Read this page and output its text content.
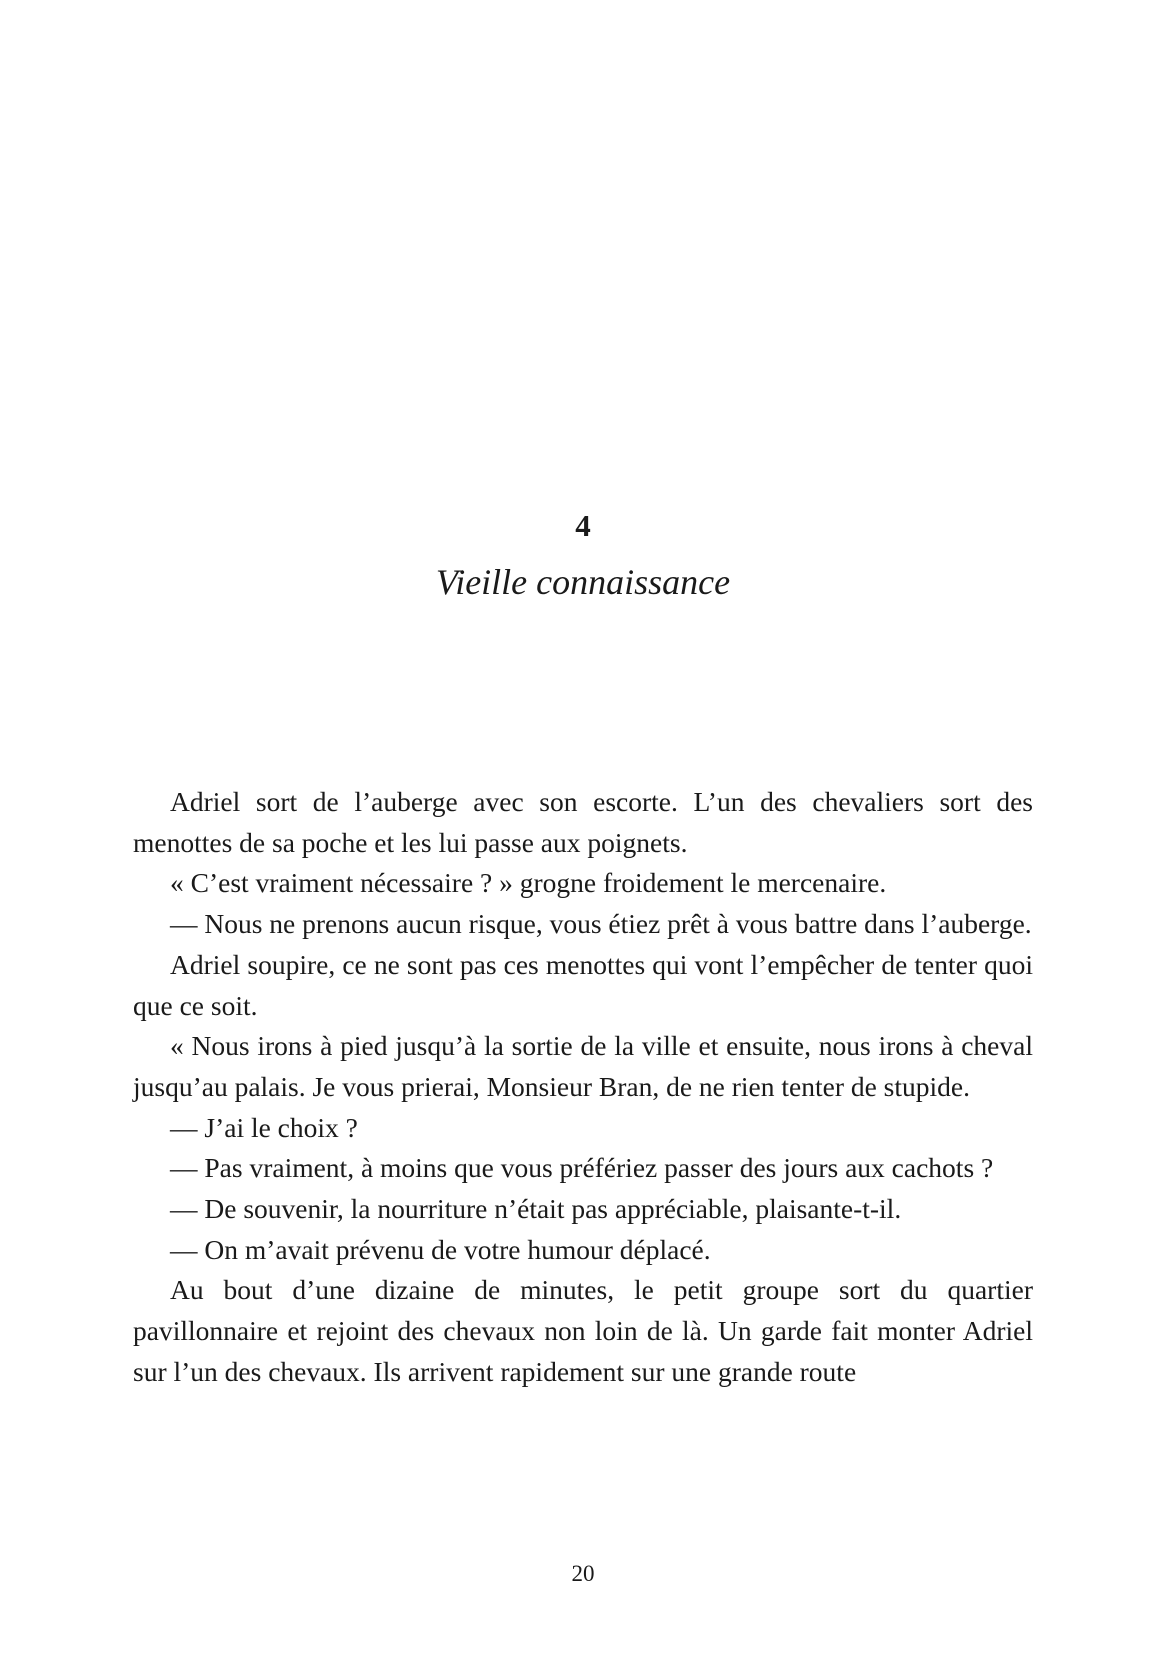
4
Vieille connaissance

Adriel sort de l’auberge avec son escorte. L’un des chevaliers sort des menottes de sa poche et les lui passe aux poignets.

« C’est vraiment nécessaire ? » grogne froidement le mercenaire.

— Nous ne prenons aucun risque, vous étiez prêt à vous battre dans l’auberge.

Adriel soupire, ce ne sont pas ces menottes qui vont l’empêcher de tenter quoi que ce soit.

« Nous irons à pied jusqu’à la sortie de la ville et ensuite, nous irons à cheval jusqu’au palais. Je vous prierai, Monsieur Bran, de ne rien tenter de stupide.

— J’ai le choix ?

— Pas vraiment, à moins que vous préfériez passer des jours aux cachots ?

— De souvenir, la nourriture n’était pas appréciable, plaisante-t-il.

— On m’avait prévenu de votre humour déplacé.

Au bout d’une dizaine de minutes, le petit groupe sort du quartier pavillonnaire et rejoint des chevaux non loin de là. Un garde fait monter Adriel sur l’un des chevaux. Ils arrivent rapidement sur une grande route

20
